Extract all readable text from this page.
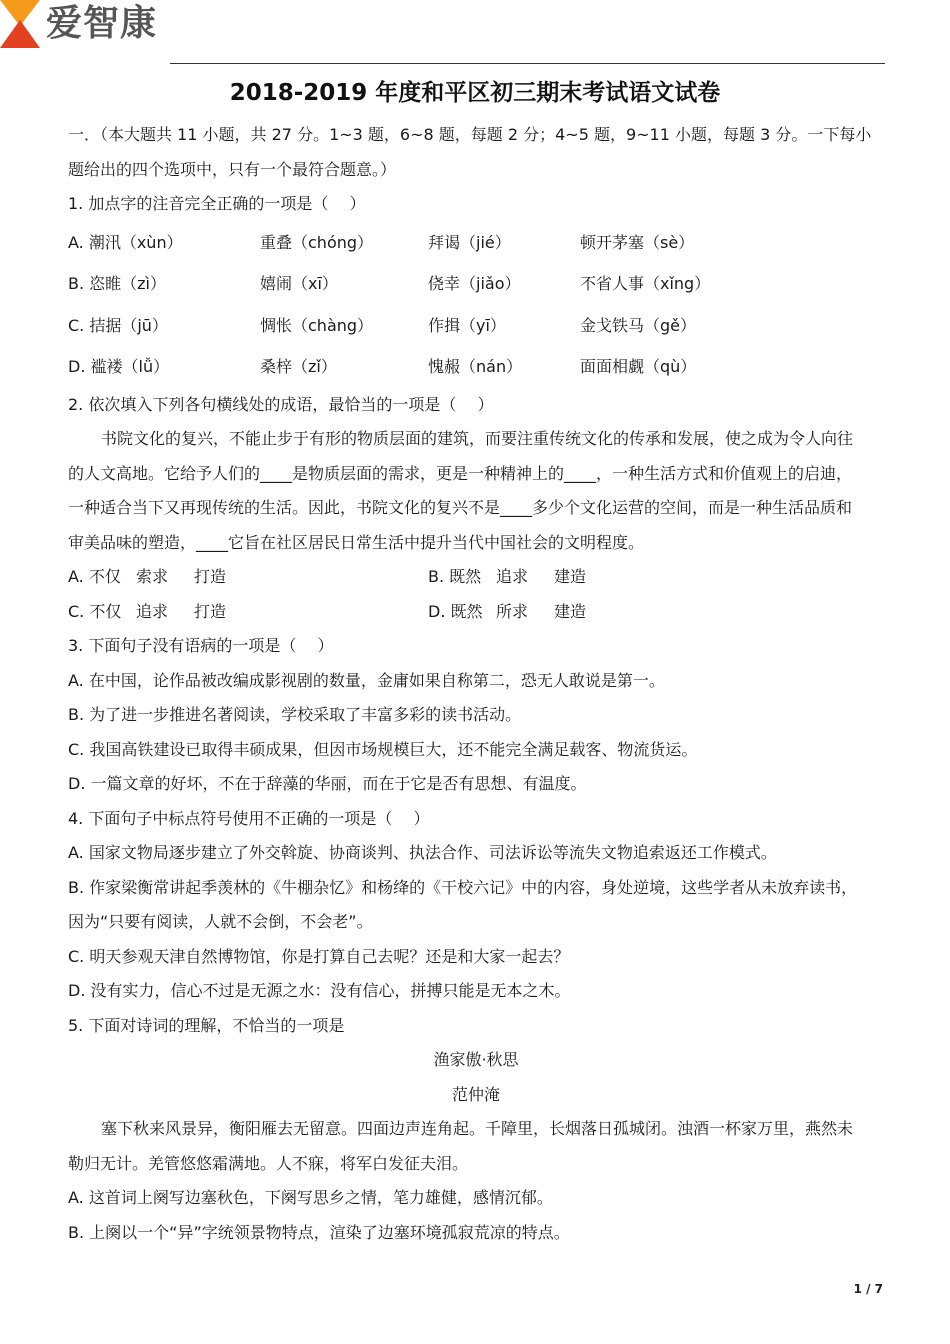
爱智康
2018-2019 年度和平区初三期末考试语文试卷
一．（本大题共 11 小题，共 27 分。1~3 题，6~8 题，每题 2 分；4~5 题，9~11 小题，每题 3 分。一下每小
题给出的四个选项中，只有一个最符合题意。）
1. 加点字的注音完全正确的一项是（　 ）
A. 潮汛（xùn）	重叠（chóng）	拜谒（jié）	顿开茅塞（sè）
B. 恣睢（zì）	嬉闹（xī）	侥幸（jiǎo）	不省人事（xǐng）
C. 拮据（jū）	惆怅（chàng）	作揖（yī）	金戈铁马（gě）
D. 褴褛（lǚ）	桑梓（zǐ）	愧赧（nán）	面面相觑（qù）
2. 依次填入下列各句横线处的成语，最恰当的一项是（　 ）
书院文化的复兴，不能止步于有形的物质层面的建筑，而要注重传统文化的传承和发展，使之成为令人向往
的人文高地。它给予人们的____是物质层面的需求，更是一种精神上的____，一种生活方式和价值观上的启迪，
一种适合当下又再现传统的生活。因此，书院文化的复兴不是____多少个文化运营的空间，而是一种生活品质和
审美品味的塑造，____它旨在社区居民日常生活中提升当代中国社会的文明程度。
A. 不仅 索求 打造	B. 既然 追求 建造
C. 不仅 追求 打造	D. 既然 所求 建造
3. 下面句子没有语病的一项是（　 ）
A. 在中国，论作品被改编成影视剧的数量，金庸如果自称第二，恐无人敢说是第一。
B. 为了进一步推进名著阅读，学校采取了丰富多彩的读书活动。
C. 我国高铁建设已取得丰硕成果，但因市场规模巨大，还不能完全满足载客、物流货运。
D. 一篇文章的好坏，不在于辞藻的华丽，而在于它是否有思想、有温度。
4. 下面句子中标点符号使用不正确的一项是（　 ）
A. 国家文物局逐步建立了外交斡旋、协商谈判、执法合作、司法诉讼等流失文物追索返还工作模式。
B. 作家梁衡常讲起季羡林的《牛棚杂忆》和杨绛的《干校六记》中的内容，身处逆境，这些学者从未放弃读书，
因为“只要有阅读，人就不会倒，不会老”。
C. 明天参观天津自然博物馆，你是打算自己去呢？还是和大家一起去？
D. 没有实力，信心不过是无源之水：没有信心，拼搏只能是无本之木。
5. 下面对诗词的理解，不恰当的一项是
渔家傲·秋思
范仲淹
塞下秋来风景异，衡阳雁去无留意。四面边声连角起。千障里，长烟落日孤城闭。浊酒一杯家万里，燕然未
勒归无计。羌管悠悠霜满地。人不寐，将军白发征夫泪。
A. 这首词上阕写边塞秋色，下阕写思乡之情，笔力雄健，感情沉郁。
B. 上阕以一个“异”字统领景物特点，渲染了边塞环境孤寂荒凉的特点。
1 / 7
